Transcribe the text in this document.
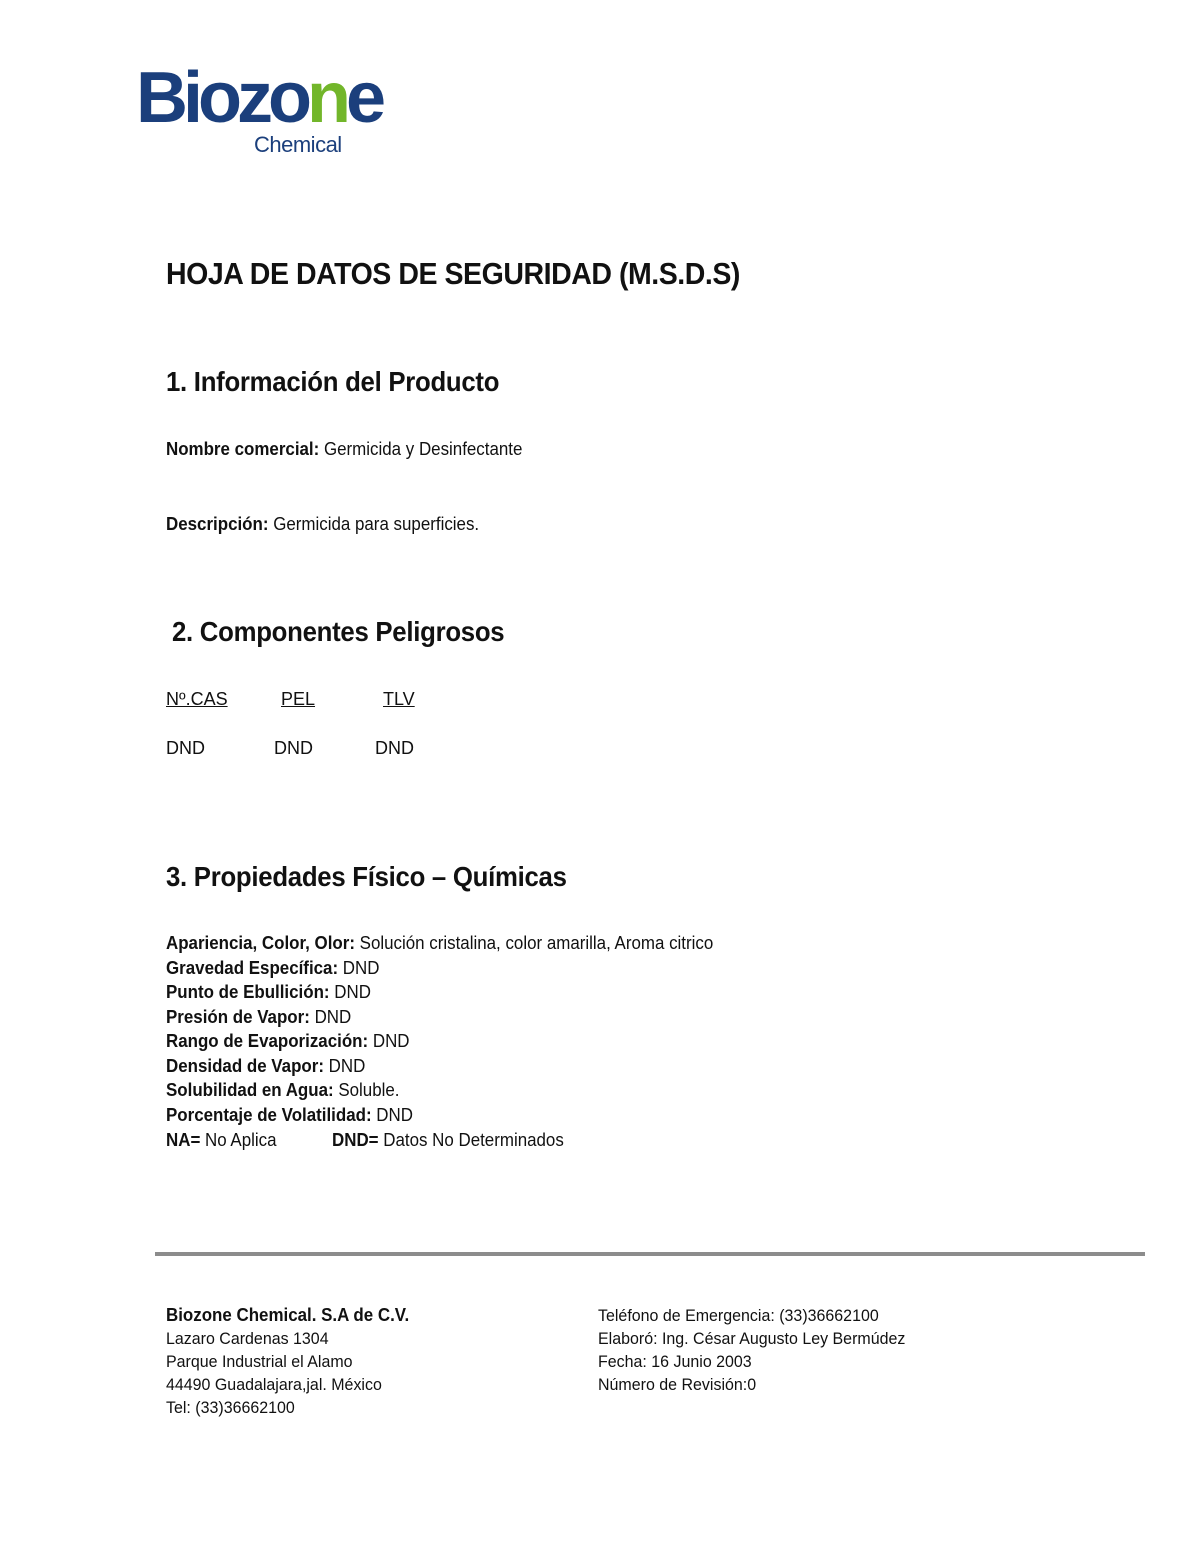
Biozone
Chemical
HOJA DE DATOS DE SEGURIDAD (M.S.D.S)
1. Información del Producto
Nombre comercial: Germicida y Desinfectante
Descripción: Germicida para superficies.
2. Componentes Peligrosos
Nº.CAS	PEL	TLV
DND	DND	DND
3. Propiedades Físico – Químicas
Apariencia, Color, Olor: Solución cristalina, color amarilla, Aroma citrico
Gravedad Específica: DND
Punto de Ebullición: DND
Presión de Vapor: DND
Rango de Evaporización: DND
Densidad de Vapor: DND
Solubilidad en Agua: Soluble.
Porcentaje de Volatilidad: DND
NA= No Aplica	DND= Datos No Determinados
Biozone Chemical. S.A de C.V.
Lazaro Cardenas 1304
Parque Industrial el Alamo
44490 Guadalajara,jal. México
Tel: (33)36662100
Teléfono de Emergencia: (33)36662100
Elaboró: Ing. César Augusto Ley Bermúdez
Fecha: 16 Junio 2003
Número de Revisión:0
